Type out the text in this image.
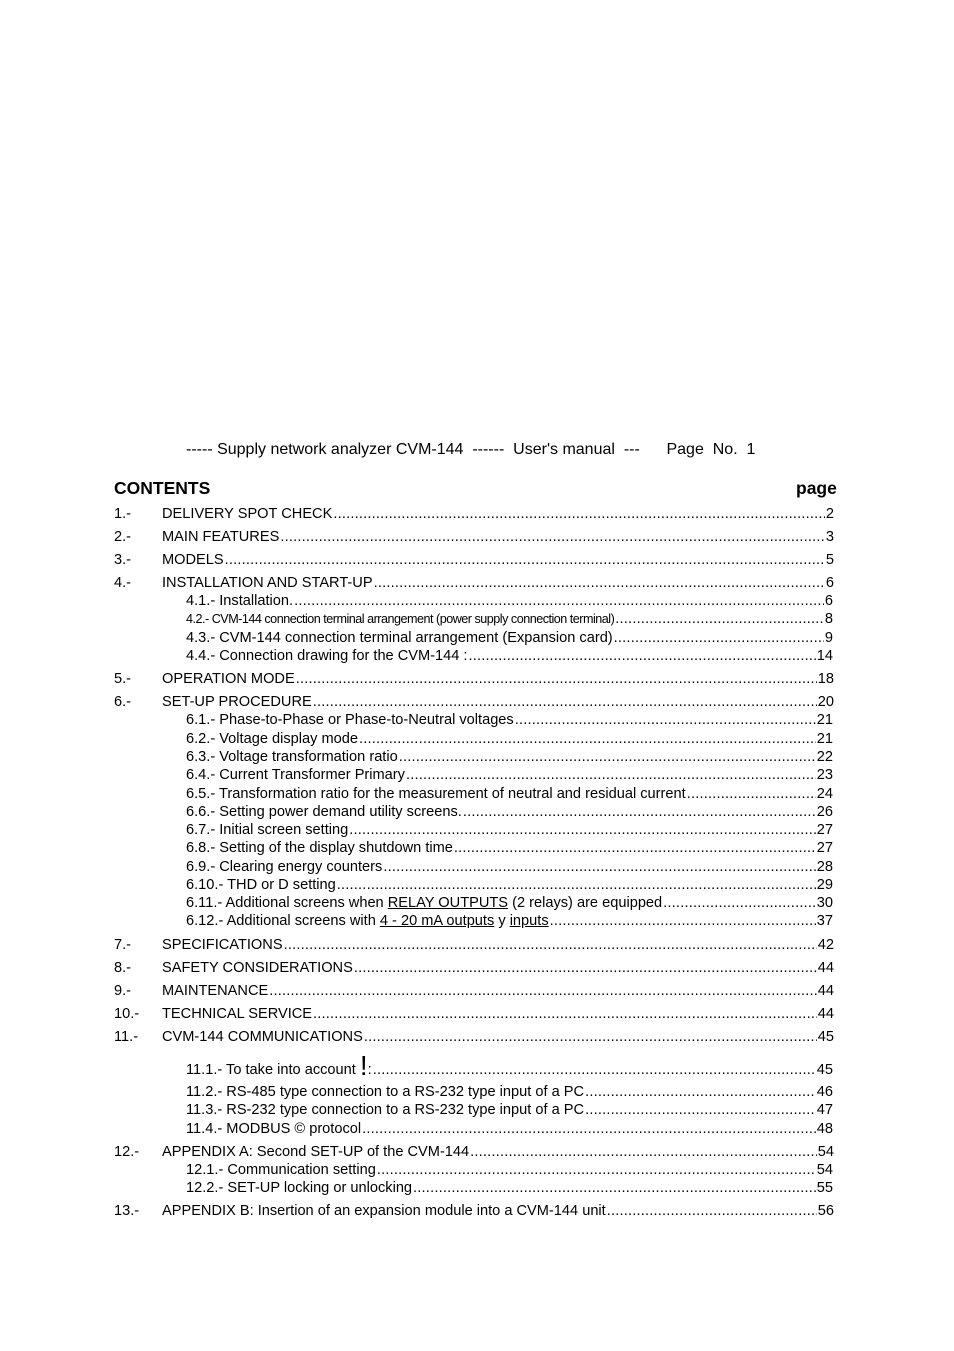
----- Supply network analyzer CVM-144  ------  User's manual  ---      Page  No.  1
CONTENTS	page
1.-	DELIVERY SPOT CHECK .....	2
2.-	MAIN FEATURES .....	3
3.-	MODELS .....	5
4.-	INSTALLATION AND START-UP .....	6
4.1.- Installation. .....	6
4.2.- CVM-144 connection terminal arrangement (power supply connection terminal) .....	8
4.3.- CVM-144 connection terminal arrangement (Expansion card) .....	9
4.4.- Connection drawing for the CVM-144 : .....	14
5.-	OPERATION MODE .....	18
6.-	SET-UP PROCEDURE .....	20
6.1.- Phase-to-Phase or Phase-to-Neutral voltages .....	21
6.2.- Voltage display mode .....	21
6.3.- Voltage transformation ratio .....	22
6.4.- Current Transformer Primary .....	23
6.5.- Transformation ratio for the measurement of neutral and residual current .....	24
6.6.- Setting power demand utility screens. .....	26
6.7.- Initial screen setting .....	27
6.8.- Setting of the display shutdown time .....	27
6.9.- Clearing energy counters .....	28
6.10.- THD or D setting .....	29
6.11.- Additional screens when RELAY OUTPUTS (2 relays) are equipped .....	30
6.12.- Additional screens with 4 - 20 mA outputs y inputs .....	37
7.-	SPECIFICATIONS .....	42
8.-	SAFETY CONSIDERATIONS .....	44
9.-	MAINTENANCE .....	44
10.-	TECHNICAL SERVICE .....	44
11.-	CVM-144 COMMUNICATIONS .....	45
11.1.- To take into account !: .....	45
11.2.- RS-485 type connection to a RS-232 type input of a PC .....	46
11.3.- RS-232 type connection to a RS-232 type input of a PC .....	47
11.4.- MODBUS © protocol .....	48
12.-	APPENDIX A: Second SET-UP of the CVM-144 .....	54
12.1.- Communication setting .....	54
12.2.- SET-UP locking or unlocking .....	55
13.-	APPENDIX B: Insertion of an expansion module into a CVM-144 unit .....	56
